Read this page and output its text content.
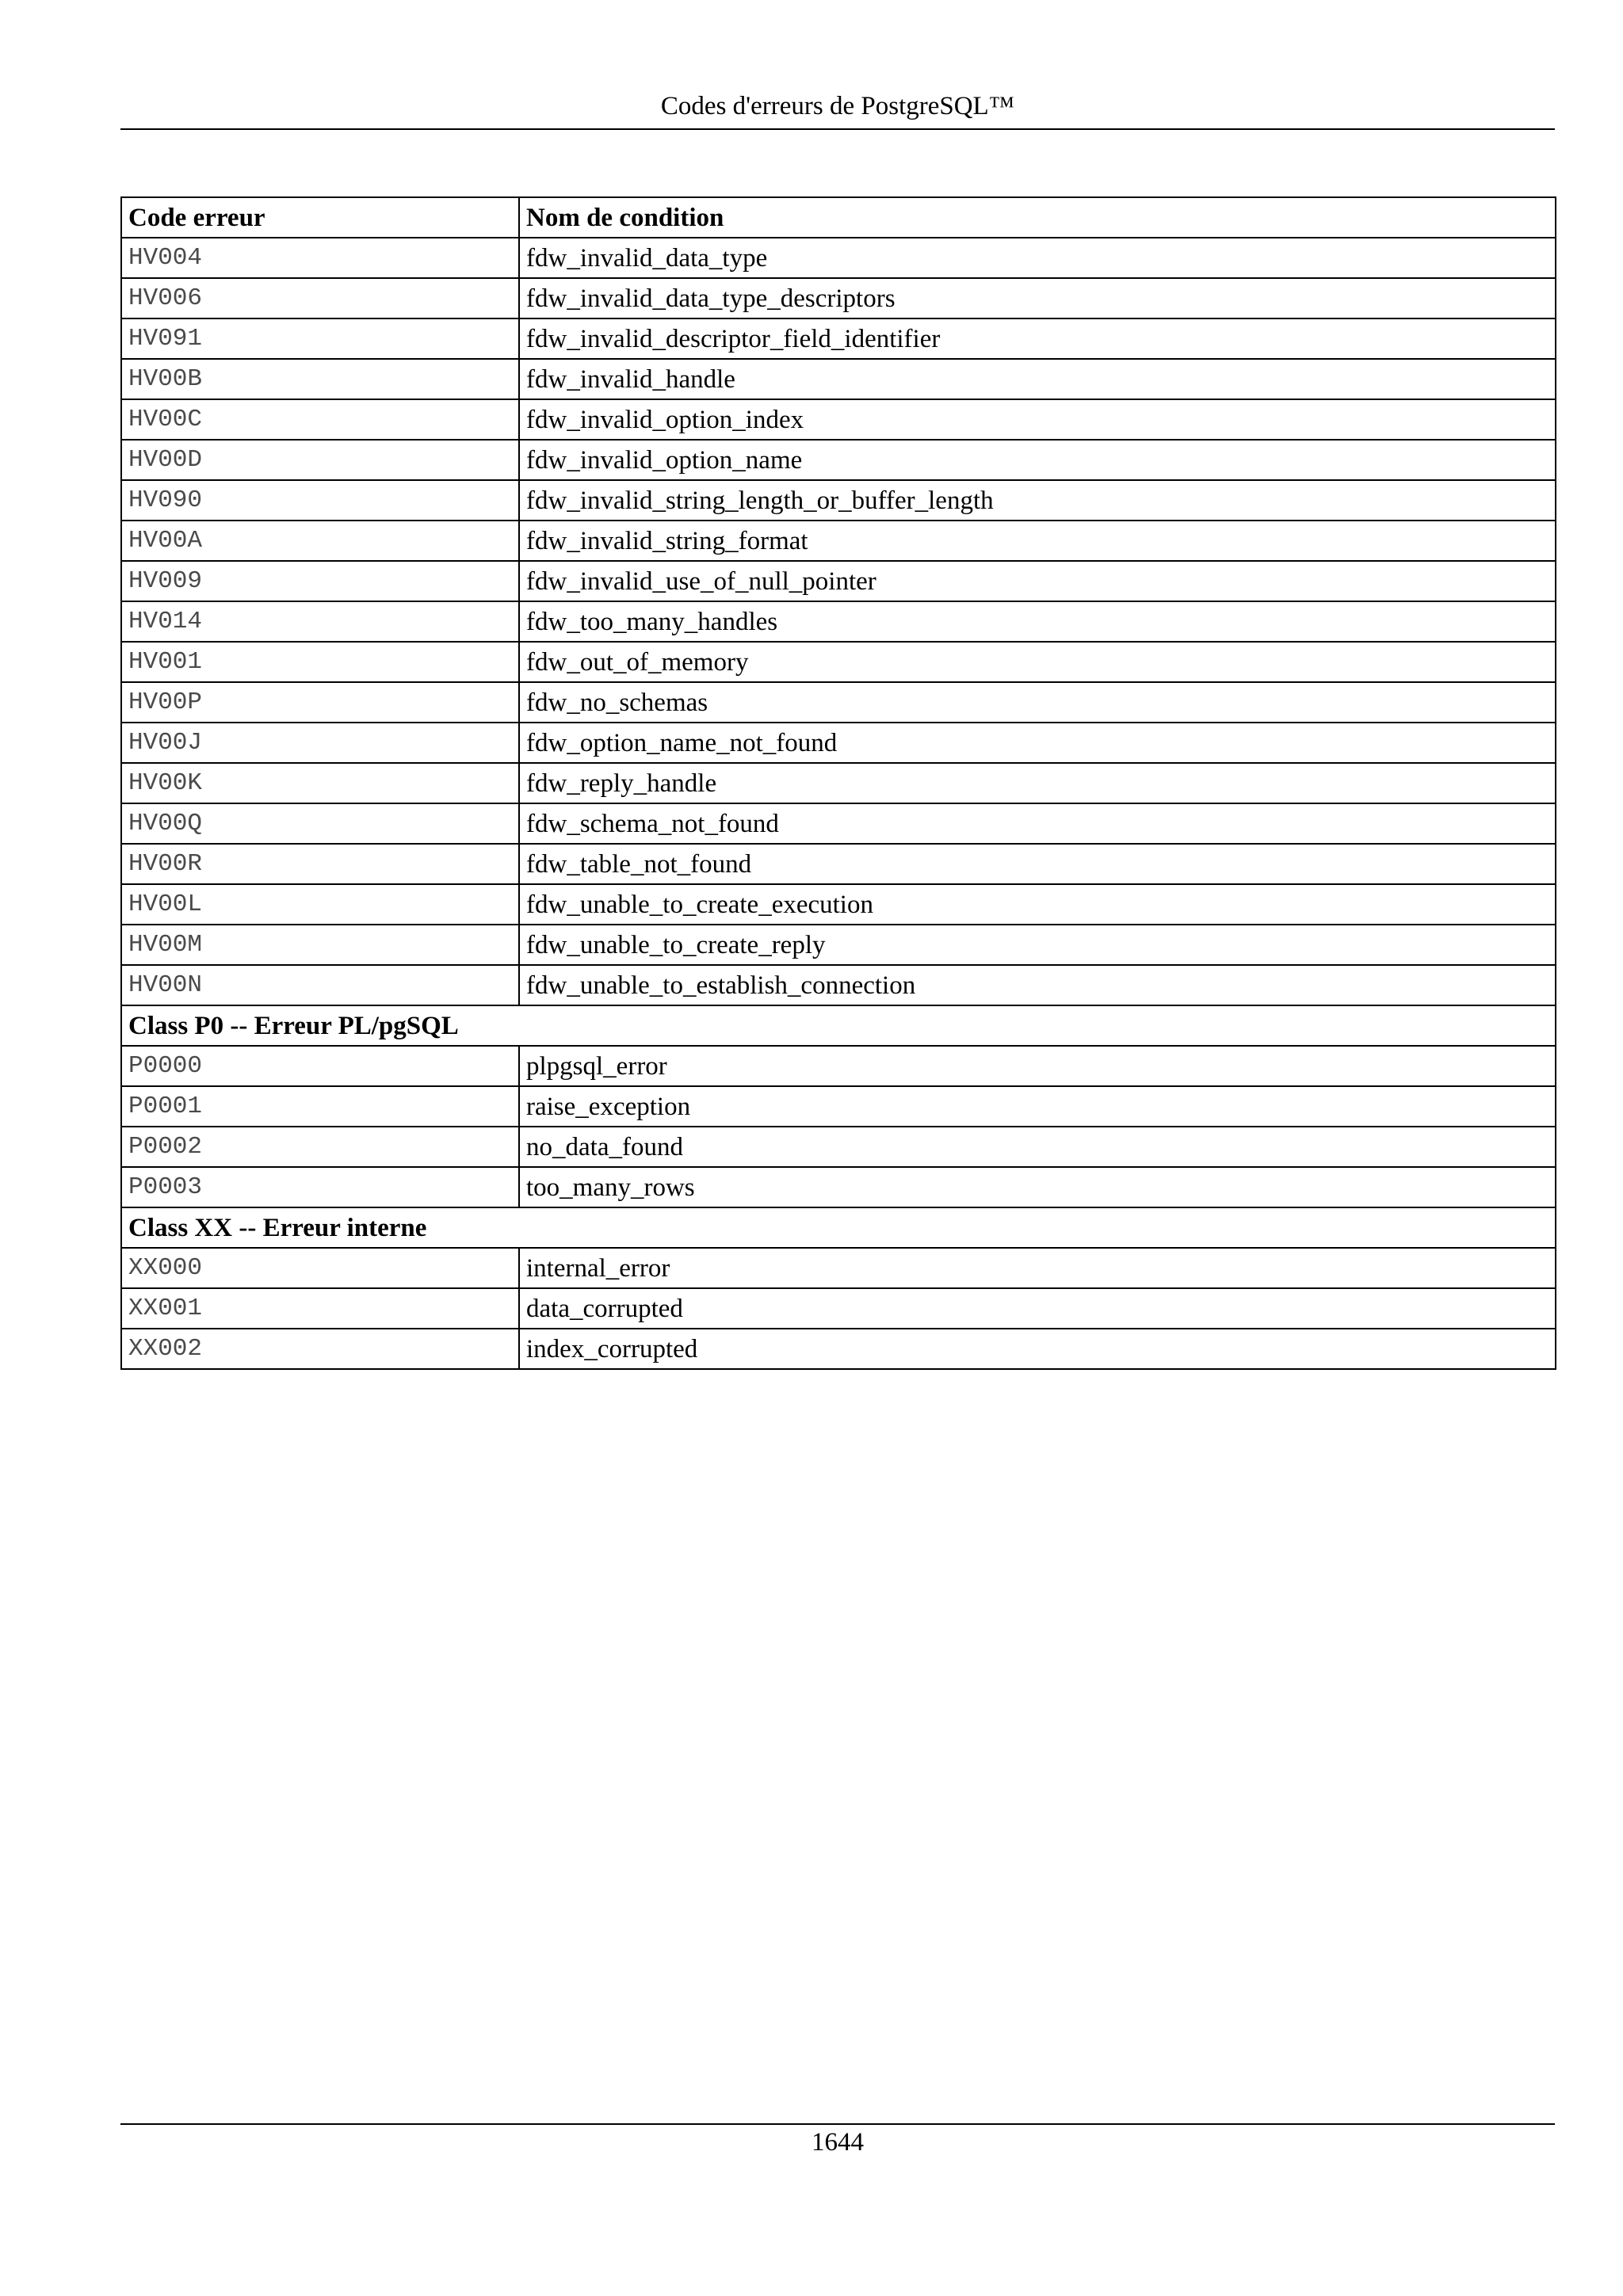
Codes d'erreurs de PostgreSQL™
Code erreur	Nom de condition
HV004	fdw_invalid_data_type
HV006	fdw_invalid_data_type_descriptors
HV091	fdw_invalid_descriptor_field_identifier
HV00B	fdw_invalid_handle
HV00C	fdw_invalid_option_index
HV00D	fdw_invalid_option_name
HV090	fdw_invalid_string_length_or_buffer_length
HV00A	fdw_invalid_string_format
HV009	fdw_invalid_use_of_null_pointer
HV014	fdw_too_many_handles
HV001	fdw_out_of_memory
HV00P	fdw_no_schemas
HV00J	fdw_option_name_not_found
HV00K	fdw_reply_handle
HV00Q	fdw_schema_not_found
HV00R	fdw_table_not_found
HV00L	fdw_unable_to_create_execution
HV00M	fdw_unable_to_create_reply
HV00N	fdw_unable_to_establish_connection
Class P0 -- Erreur PL/pgSQL	
P0000	plpgsql_error
P0001	raise_exception
P0002	no_data_found
P0003	too_many_rows
Class XX -- Erreur interne	
XX000	internal_error
XX001	data_corrupted
XX002	index_corrupted
1644
